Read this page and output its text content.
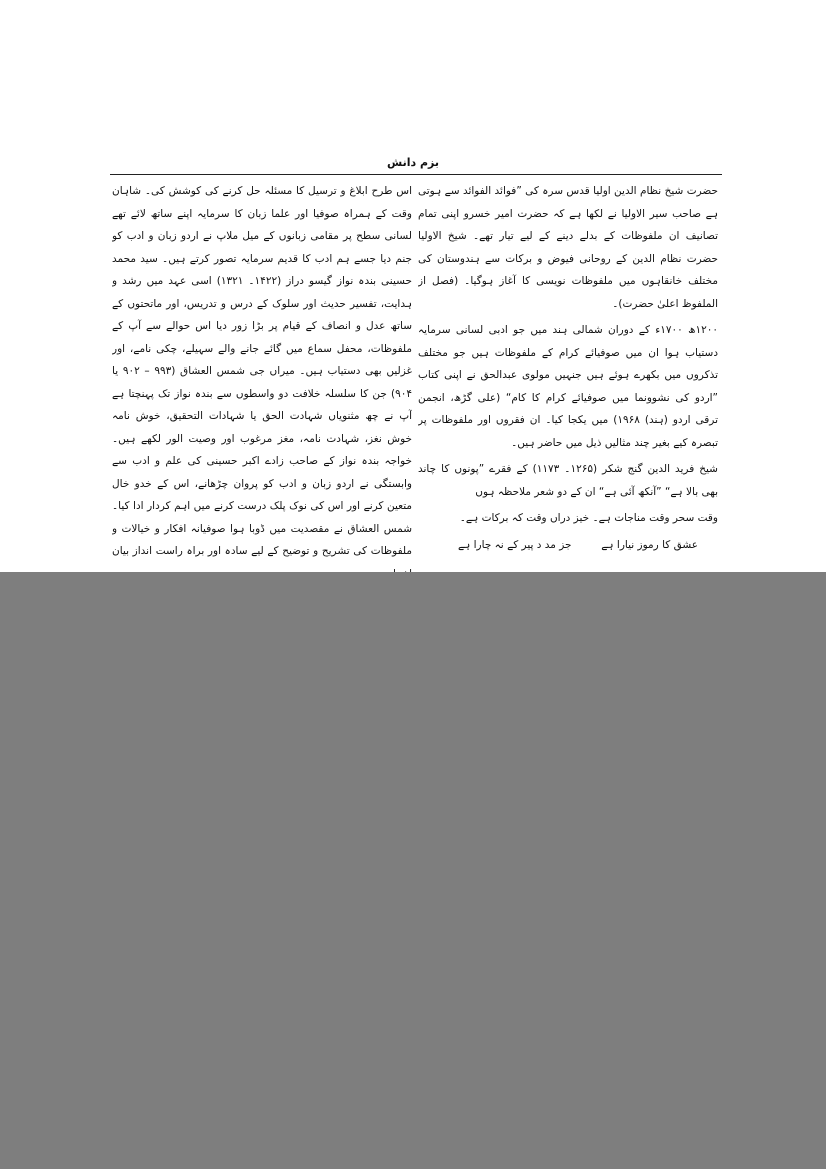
بزم دانش

حضرت شیخ نظام الدین اولیا قدس سرہ کی ”فوائد الفوائد سے ہوتی ہے صاحب سیر الاولیا نے لکھا ہے کہ حضرت امیر خسرو اپنی تمام تصانیف ان ملفوظات کے بدلے دینے کے لیے تیار تھے۔ شیخ الاولیا حضرت نظام الدین کے روحانی فیوض و برکات سے ہندوستان کی مختلف خانقاہوں میں ملفوظات نویسی کا آغاز ہوگیا۔ (فصل از الملفوظ اعلیٰ حضرت)۔

۱۲۰۰ھ ۱۷۰۰ء کے دوران شمالی ہند میں جو ادبی لسانی سرمایہ دستیاب ہوا ان میں صوفیائے کرام کے ملفوظات ہیں جو مختلف تذکروں میں بکھرے ہوئے ہیں جنہیں مولوی عبدالحق نے اپنی کتاب ”اردو کی نشوونما میں صوفیائے کرام کا کام“ (علی گڑھ، انجمن ترقی اردو (ہند) ۱۹۶۸) میں یکجا کیا۔ ان فقروں اور ملفوظات پر تبصرہ کیے بغیر چند مثالیں ذیل میں حاضر ہیں۔

شیخ فرید الدین گنج شکر (۱۲۶۵۔ ۱۱۷۳) کے فقرے ”پونوں کا چاند بھی بالا ہے“ ”آنکھ آئی ہے“ ان کے دو شعر ملاحظہ ہوں

وقت سحر وقت مناجات ہے۔ خیز دراں وقت کہ برکات ہے۔

عشق کا رموز نیارا ہے
جز مد د پیر کے نہ چارا ہے

اس طرح ابلاغ و ترسیل کا مسئلہ حل کرنے کی کوشش کی۔ شاہان وقت کے ہمراہ صوفیا اور علما زبان کا سرمایہ اپنے ساتھ لائے تھے لسانی سطح پر مقامی زبانوں کے میل ملاپ نے اردو زبان و ادب کو جنم دیا جسے ہم ادب کا قدیم سرمایہ تصور کرتے ہیں۔ سید محمد حسینی بندہ نواز گیسو دراز (۱۴۲۲۔ ۱۳۲۱) اسی عہد میں رشد و ہدایت، تفسیر حدیث اور سلوک کے درس و تدریس، اور ماتحتوں کے ساتھ عدل و انصاف کے قیام پر بڑا زور دیا اس حوالے سے آپ کے ملفوظات، محفل سماع میں گائے جانے والے سہیلے، چکی نامے، اور غزلیں بھی دستیاب ہیں۔ میراں جی شمس العشاق (۹۹۳ – ۹۰۲ یا ۹۰۴) جن کا سلسلہ خلافت دو واسطوں سے بندہ نواز تک پہنچتا ہے آپ نے چھ مثنویاں شہادت الحق یا شہادات التحقیق، خوش نامہ خوش نغز، شہادت نامہ، مغز مرغوب اور وصیت الور لکھے ہیں۔ خواجہ بندہ نواز کے صاحب زادے اکبر حسینی کی علم و ادب سے وابستگی نے اردو زبان و ادب کو پروان چڑھانے، اس کے خدو خال متعین کرنے اور اس کی نوک پلک درست کرنے میں اہم کردار ادا کیا۔ شمس العشاق نے مقصدیت میں ڈوبا ہوا صوفیانہ افکار و خیالات و ملفوظات کی تشریح و توضیح کے لیے سادہ اور براہ راست انداز بیان
